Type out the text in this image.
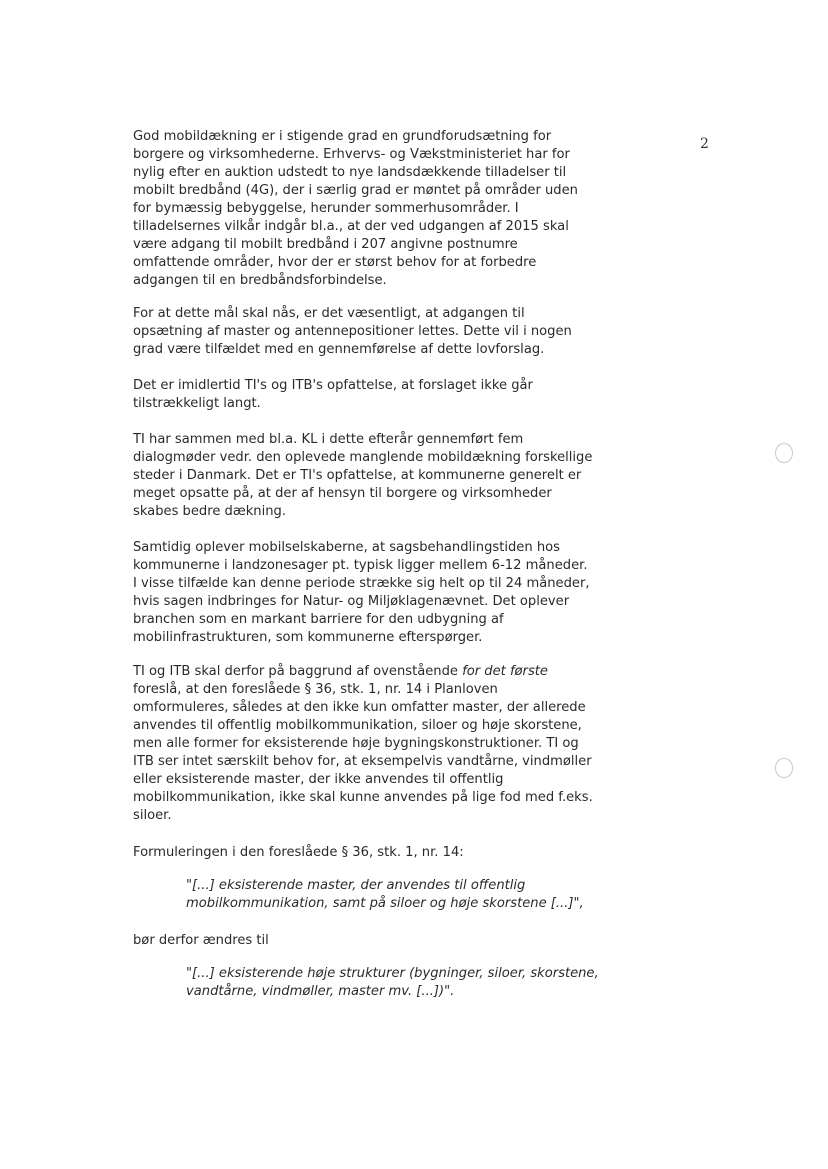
2
God mobildækning er i stigende grad en grundforudsætning for
borgere og virksomhederne. Erhvervs- og Vækstministeriet har for
nylig efter en auktion udstedt to nye landsdækkende tilladelser til
mobilt bredbånd (4G), der i særlig grad er møntet på områder uden
for bymæssig bebyggelse, herunder sommerhusområder. I
tilladelsernes vilkår indgår bl.a., at der ved udgangen af 2015 skal
være adgang til mobilt bredbånd i 207 angivne postnumre
omfattende områder, hvor der er størst behov for at forbedre
adgangen til en bredbåndsforbindelse.
For at dette mål skal nås, er det væsentligt, at adgangen til
opsætning af master og antennepositioner lettes. Dette vil i nogen
grad være tilfældet med en gennemførelse af dette lovforslag.
Det er imidlertid TI's og ITB's opfattelse, at forslaget ikke går
tilstrækkeligt langt.
TI har sammen med bl.a. KL i dette efterår gennemført fem
dialogmøder vedr. den oplevede manglende mobildækning forskellige
steder i Danmark. Det er TI's opfattelse, at kommunerne generelt er
meget opsatte på, at der af hensyn til borgere og virksomheder
skabes bedre dækning.
Samtidig oplever mobilselskaberne, at sagsbehandlingstiden hos
kommunerne i landzonesager pt. typisk ligger mellem 6-12 måneder.
I visse tilfælde kan denne periode strække sig helt op til 24 måneder,
hvis sagen indbringes for Natur- og Miljøklagenævnet. Det oplever
branchen som en markant barriere for den udbygning af
mobilinfrastrukturen, som kommunerne efterspørger.
TI og ITB skal derfor på baggrund af ovenstående for det første
foreslå, at den foreslåede § 36, stk. 1, nr. 14 i Planloven
omformuleres, således at den ikke kun omfatter master, der allerede
anvendes til offentlig mobilkommunikation, siloer og høje skorstene,
men alle former for eksisterende høje bygningskonstruktioner. TI og
ITB ser intet særskilt behov for, at eksempelvis vandtårne, vindmøller
eller eksisterende master, der ikke anvendes til offentlig
mobilkommunikation, ikke skal kunne anvendes på lige fod med f.eks.
siloer.
Formuleringen i den foreslåede § 36, stk. 1, nr. 14:
"[...] eksisterende master, der anvendes til offentlig
mobilkommunikation, samt på siloer og høje skorstene [...]",
bør derfor ændres til
"[...] eksisterende høje strukturer (bygninger, siloer, skorstene,
vandtårne, vindmøller, master mv. [...])".
